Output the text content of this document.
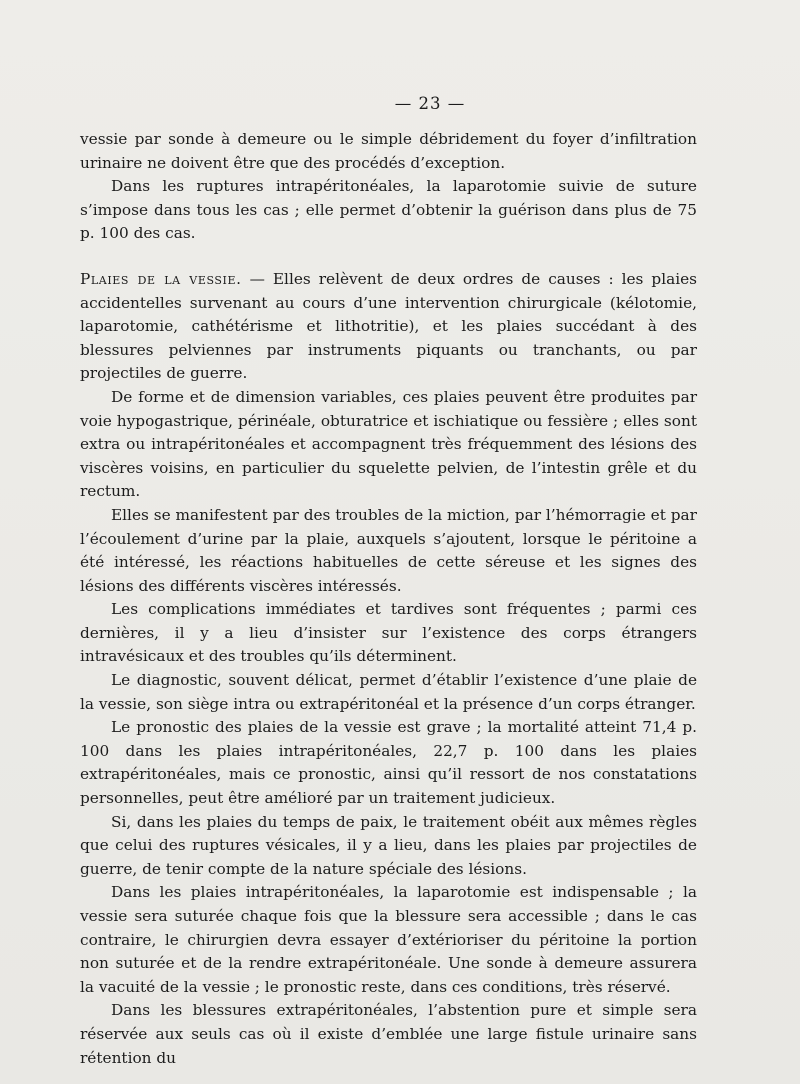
— 23 —

vessie par sonde à demeure ou le simple débridement du foyer d’infiltration urinaire ne doivent être que des procédés d’exception.

Dans les ruptures intrapéritonéales, la laparotomie suivie de suture s’impose dans tous les cas ; elle permet d’obtenir la guérison dans plus de 75 p. 100 des cas.

Plaies de la vessie. — Elles relèvent de deux ordres de causes : les plaies accidentelles survenant au cours d’une intervention chirurgicale (kélotomie, laparotomie, cathétérisme et lithotritie), et les plaies succédant à des blessures pelviennes par instruments piquants ou tranchants, ou par projectiles de guerre.

De forme et de dimension variables, ces plaies peuvent être produites par voie hypogastrique, périnéale, obturatrice et ischiatique ou fessière ; elles sont extra ou intrapéritonéales et accompagnent très fréquemment des lésions des viscères voisins, en particulier du squelette pelvien, de l’intestin grêle et du rectum.

Elles se manifestent par des troubles de la miction, par l’hémorragie et par l’écoulement d’urine par la plaie, auxquels s’ajoutent, lorsque le péritoine a été intéressé, les réactions habituelles de cette séreuse et les signes des lésions des différents viscères intéressés.

Les complications immédiates et tardives sont fréquentes ; parmi ces dernières, il y a lieu d’insister sur l’existence des corps étrangers intravésicaux et des troubles qu’ils déterminent.

Le diagnostic, souvent délicat, permet d’établir l’existence d’une plaie de la vessie, son siège intra ou extrapéritonéal et la présence d’un corps étranger.

Le pronostic des plaies de la vessie est grave ; la mortalité atteint 71,4 p. 100 dans les plaies intrapéritonéales, 22,7 p. 100 dans les plaies extrapéritonéales, mais ce pronostic, ainsi qu’il ressort de nos constatations personnelles, peut être amélioré par un traitement judicieux.

Si, dans les plaies du temps de paix, le traitement obéit aux mêmes règles que celui des ruptures vésicales, il y a lieu, dans les plaies par projectiles de guerre, de tenir compte de la nature spéciale des lésions.

Dans les plaies intrapéritonéales, la laparotomie est indispensable ; la vessie sera suturée chaque fois que la blessure sera accessible ; dans le cas contraire, le chirurgien devra essayer d’extérioriser du péritoine la portion non suturée et de la rendre extrapéritonéale. Une sonde à demeure assurera la vacuité de la vessie ; le pronostic reste, dans ces conditions, très réservé.

Dans les blessures extrapéritonéales, l’abstention pure et simple sera réservée aux seuls cas où il existe d’emblée une large fistule urinaire sans rétention du
